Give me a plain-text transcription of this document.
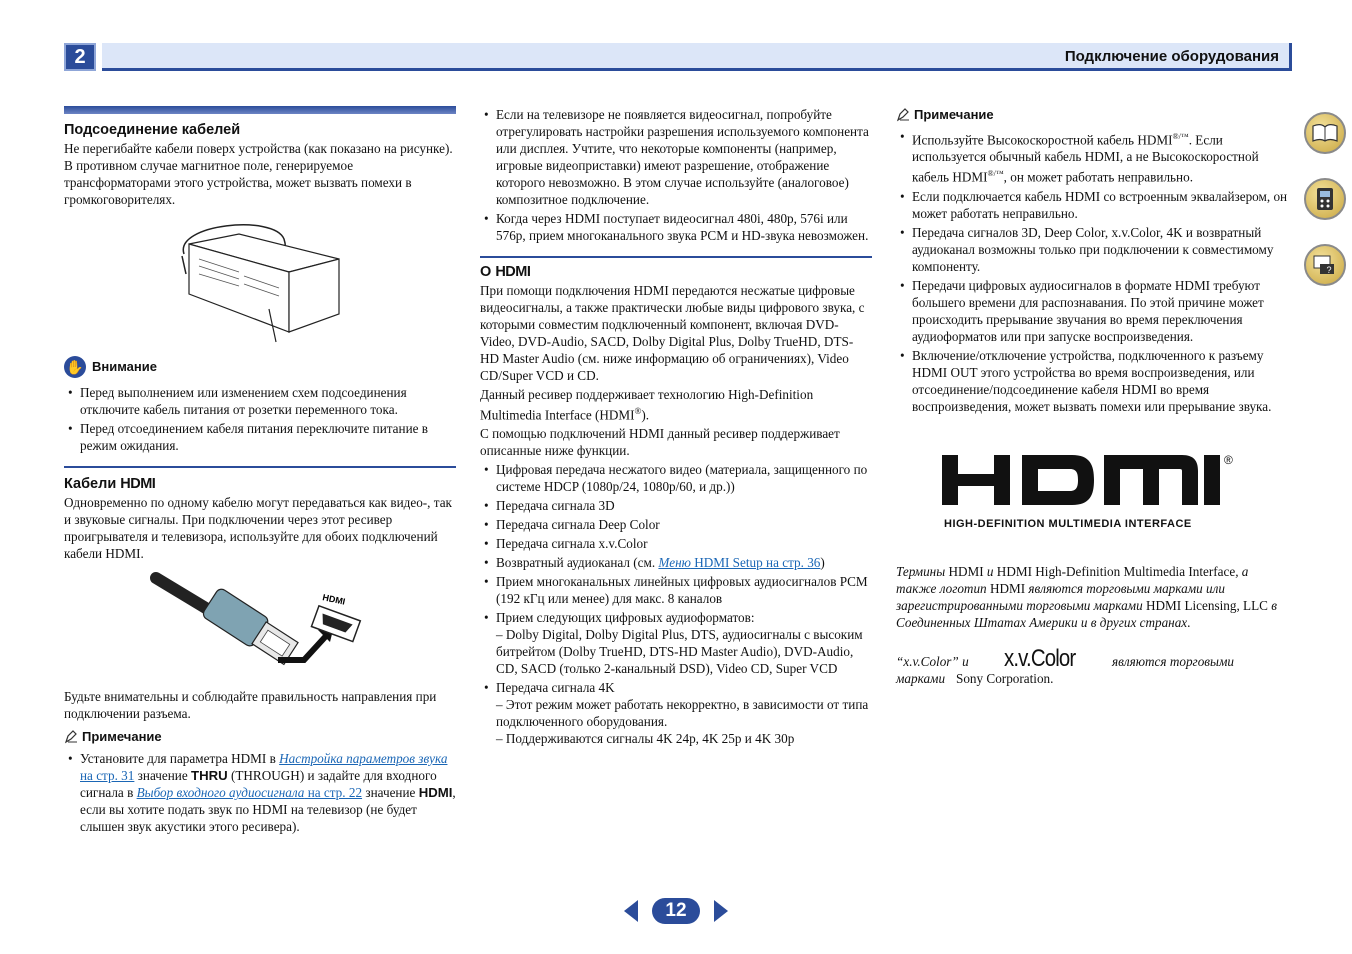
2	Подключение оборудования
Подсоединение кабелей

Не перегибайте кабели поверх устройства (как показано на рисунке). В противном случае магнитное поле, генерируемое трансформаторами этого устройства, может вызвать помехи в громкоговорителях.

✋ Внимание
• Перед выполнением или изменением схем подсоединения отключите кабель питания от розетки переменного тока.
• Перед отсоединением кабеля питания переключите питание в режим ожидания.
Кабели HDMI

Одновременно по одному кабелю могут передаваться как видео-, так и звуковые сигналы. При подключении через этот ресивер проигрывателя и телевизора, используйте для обоих подключений кабели HDMI.

HDMI

Будьте внимательны и соблюдайте правильность направления при подключении разъема.

Примечание
• Установите для параметра HDMI в Настройка параметров звука на стр. 31 значение THRU (THROUGH) и задайте для входного сигнала в Выбор входного аудиосигнала на стр. 22 значение HDMI, если вы хотите подать звук по HDMI на телевизор (не будет слышен звук акустики этого ресивера).
• Если на телевизоре не появляется видеосигнал, попробуйте отрегулировать настройки разрешения используемого компонента или дисплея. Учтите, что некоторые компоненты (например, игровые видеоприставки) имеют разрешение, отображение которого невозможно. В этом случае используйте (аналоговое) композитное подключение.
• Когда через HDMI поступает видеосигнал 480i, 480p, 576i или 576p, прием многоканального звука PCM и HD-звука невозможен.
О HDMI

При помощи подключения HDMI передаются несжатые цифровые видеосигналы, а также практически любые виды цифрового звука, с которыми совместим подключенный компонент, включая DVD-Video, DVD-Audio, SACD, Dolby Digital Plus, Dolby TrueHD, DTS-HD Master Audio (см. ниже информацию об ограничениях), Video CD/Super VCD и CD.

Данный ресивер поддерживает технологию High-Definition Multimedia Interface (HDMI®).

С помощью подключений HDMI данный ресивер поддерживает описанные ниже функции.

• Цифровая передача несжатого видео (материала, защищенного по системе HDCP (1080p/24, 1080p/60, и др.))
• Передача сигнала 3D
• Передача сигнала Deep Color
• Передача сигнала x.v.Color
• Возвратный аудиоканал (см. Меню HDMI Setup на стр. 36)
• Прием многоканальных линейных цифровых аудиосигналов PCM (192 кГц или менее) для макс. 8 каналов
• Прием следующих цифровых аудиоформатов:
– Dolby Digital, Dolby Digital Plus, DTS, аудиосигналы с высоким битрейтом (Dolby TrueHD, DTS-HD Master Audio), DVD-Audio, CD, SACD (только 2-канальный DSD), Video CD, Super VCD
• Передача сигнала 4K
– Этот режим может работать некорректно, в зависимости от типа подключенного оборудования.
– Поддерживаются сигналы 4K 24p, 4K 25p и 4K 30p
Примечание
• Используйте Высокоскоростной кабель HDMI®/™. Если используется обычный кабель HDMI, а не Высокоскоростной кабель HDMI®/™, он может работать неправильно.
• Если подключается кабель HDMI со встроенным эквалайзером, он может работать неправильно.
• Передача сигналов 3D, Deep Color, x.v.Color, 4K и возвратный аудиоканал возможны только при подключении к совместимому компоненту.
• Передачи цифровых аудиосигналов в формате HDMI требуют большего времени для распознавания. По этой причине может происходить прерывание звучания во время переключения аудиоформатов или при запуске воспроизведения.
• Включение/отключение устройства, подключенного к разъему HDMI OUT этого устройства во время воспроизведения, или отсоединение/подсоединение кабеля HDMI во время воспроизведения, может вызвать помехи или прерывание звука.
®
HIGH-DEFINITION MULTIMEDIA INTERFACE

Термины HDMI и HDMI High-Definition Multimedia Interface, а также логотип HDMI являются торговыми марками или зарегистрированными торговыми марками HDMI Licensing, LLC в Соединенных Штатах Америки и в других странах.

“x.v.Color” и x.v.Color	являются торговыми
марками Sony Corporation.
?
12
